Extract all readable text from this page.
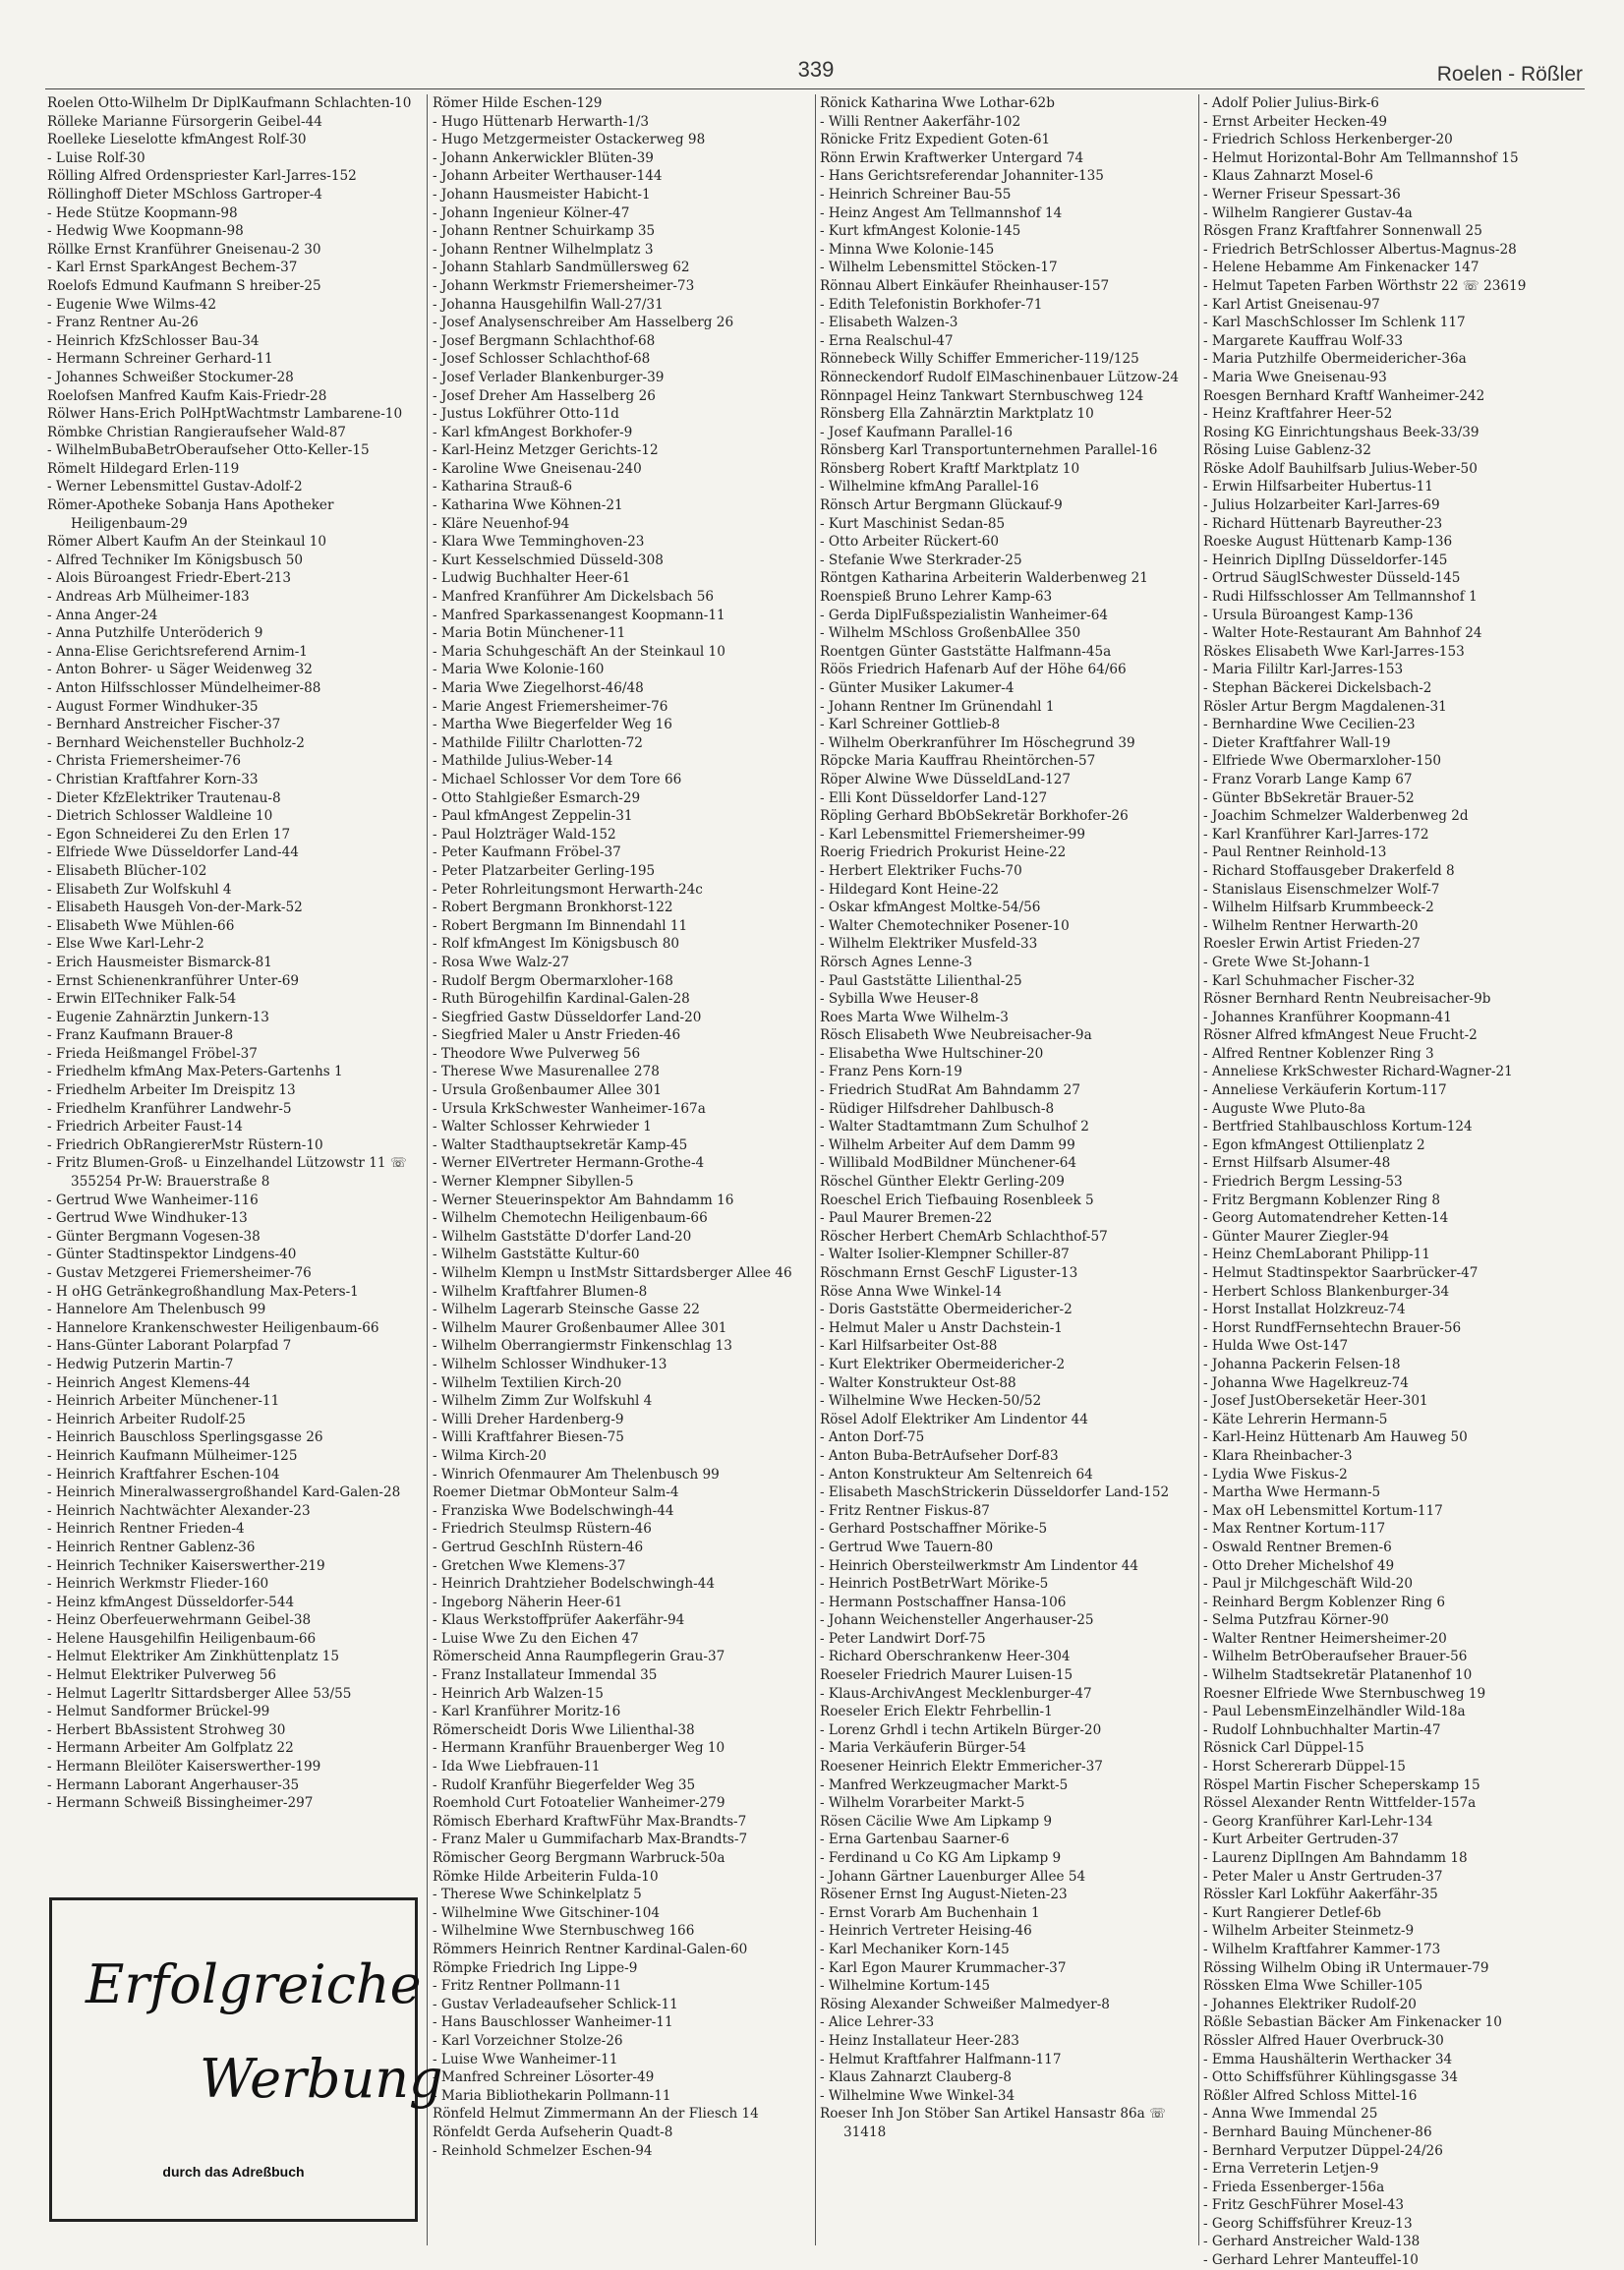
339	Roelen - Rößler
Roelen Otto-Wilhelm Dr DiplKaufmann Schlachten-10
Rölleke Marianne Fürsorgerin Geibel-44
Roelleke Lieselotte kfmAngest Rolf-30
- Luise Rolf-30
Rölling Alfred Ordenspriester Karl-Jarres-152
Röllinghoff Dieter MSchloss Gartroper-4
- Hede Stütze Koopmann-98
- Hedwig Wwe Koopmann-98
Röllke Ernst Kranführer Gneisenau-2 30
- Karl Ernst SparkAngest Bechem-37
Roelofs Edmund Kaufmann S hreiber-25
- Eugenie Wwe Wilms-42
- Franz Rentner Au-26
- Heinrich KfzSchlosser Bau-34
- Hermann Schreiner Gerhard-11
- Johannes Schweißer Stockumer-28
Roelofsen Manfred Kaufm Kais-Friedr-28
Rölwer Hans-Erich PolHptWachtmstr Lambarene-10
Römbke Christian Rangieraufseher Wald-87
- WilhelmBubaBetrOberaufseher Otto-Keller-15
Römelt Hildegard Erlen-119
- Werner Lebensmittel Gustav-Adolf-2
Römer-Apotheke Sobanja Hans Apotheker Heiligenbaum-29
Römer Albert Kaufm An der Steinkaul 10
- Alfred Techniker Im Königsbusch 50
- Alois Büroangest Friedr-Ebert-213
- Andreas Arb Mülheimer-183
- Anna Anger-24
- Anna Putzhilfe Unteröderich 9
- Anna-Elise Gerichtsreferend Arnim-1
- Anton Bohrer- u Säger Weidenweg 32
- Anton Hilfsschlosser Mündelheimer-88
- August Former Windhuker-35
- Bernhard Anstreicher Fischer-37
- Bernhard Weichensteller Buchholz-2
- Christa Friemersheimer-76
- Christian Kraftfahrer Korn-33
- Dieter KfzElektriker Trautenau-8
- Dietrich Schlosser Waldleine 10
- Egon Schneiderei Zu den Erlen 17
- Elfriede Wwe Düsseldorfer Land-44
- Elisabeth Blücher-102
- Elisabeth Zur Wolfskuhl 4
- Elisabeth Hausgeh Von-der-Mark-52
- Elisabeth Wwe Mühlen-66
- Else Wwe Karl-Lehr-2
- Erich Hausmeister Bismarck-81
- Ernst Schienenkranführer Unter-69
- Erwin ElTechniker Falk-54
- Eugenie Zahnärztin Junkern-13
- Franz Kaufmann Brauer-8
- Frieda Heißmangel Fröbel-37
- Friedhelm kfmAng Max-Peters-Gartenhs 1
- Friedhelm Arbeiter Im Dreispitz 13
- Friedhelm Kranführer Landwehr-5
- Friedrich Arbeiter Faust-14
- Friedrich ObRangiererMstr Rüstern-10
- Fritz Blumen-Groß- u Einzelhandel Lützowstr 11 ☏ 355254 Pr-W: Brauerstraße 8
- Gertrud Wwe Wanheimer-116
- Gertrud Wwe Windhuker-13
- Günter Bergmann Vogesen-38
- Günter Stadtinspektor Lindgens-40
- Gustav Metzgerei Friemersheimer-76
- H oHG Getränkegroßhandlung Max-Peters-1
- Hannelore Am Thelenbusch 99
- Hannelore Krankenschwester Heiligenbaum-66
- Hans-Günter Laborant Polarpfad 7
- Hedwig Putzerin Martin-7
- Heinrich Angest Klemens-44
- Heinrich Arbeiter Münchener-11
- Heinrich Arbeiter Rudolf-25
- Heinrich Bauschloss Sperlingsgasse 26
- Heinrich Kaufmann Mülheimer-125
- Heinrich Kraftfahrer Eschen-104
- Heinrich Mineralwassergroßhandel Kard-Galen-28
- Heinrich Nachtwächter Alexander-23
- Heinrich Rentner Frieden-4
- Heinrich Rentner Gablenz-36
- Heinrich Techniker Kaiserswerther-219
- Heinrich Werkmstr Flieder-160
- Heinz kfmAngest Düsseldorfer-544
- Heinz Oberfeuerwehrmann Geibel-38
- Helene Hausgehilfin Heiligenbaum-66
- Helmut Elektriker Am Zinkhüttenplatz 15
- Helmut Elektriker Pulverweg 56
- Helmut Lagerltr Sittardsberger Allee 53/55
- Helmut Sandformer Brückel-99
- Herbert BbAssistent Strohweg 30
- Hermann Arbeiter Am Golfplatz 22
- Hermann Bleilöter Kaiserswerther-199
- Hermann Laborant Angerhauser-35
- Hermann Schweiß Bissingheimer-297
Römer Hilde Eschen-129
- Hugo Hüttenarb Herwarth-1/3
- Hugo Metzgermeister Ostackerweg 98
- Johann Ankerwickler Blüten-39
- Johann Arbeiter Werthauser-144
- Johann Hausmeister Habicht-1
- Johann Ingenieur Kölner-47
- Johann Rentner Schuirkamp 35
- Johann Rentner Wilhelmplatz 3
- Johann Stahlarb Sandmüllersweg 62
- Johann Werkmstr Friemersheimer-73
- Johanna Hausgehilfin Wall-27/31
- Josef Analysenschreiber Am Hasselberg 26
- Josef Bergmann Schlachthof-68
- Josef Schlosser Schlachthof-68
- Josef Verlader Blankenburger-39
- Josef Dreher Am Hasselberg 26
- Justus Lokführer Otto-11d
- Karl kfmAngest Borkhofer-9
- Karl-Heinz Metzger Gerichts-12
- Karoline Wwe Gneisenau-240
- Katharina Strauß-6
- Katharina Wwe Köhnen-21
- Kläre Neuenhof-94
- Klara Wwe Temminghoven-23
- Kurt Kesselschmied Düsseld-308
- Ludwig Buchhalter Heer-61
- Manfred Kranführer Am Dickelsbach 56
- Manfred Sparkassenangest Koopmann-11
- Maria Botin Münchener-11
- Maria Schuhgeschäft An der Steinkaul 10
- Maria Wwe Kolonie-160
- Maria Wwe Ziegelhorst-46/48
- Marie Angest Friemersheimer-76
- Martha Wwe Biegerfelder Weg 16
- Mathilde Fililtr Charlotten-72
- Mathilde Julius-Weber-14
- Michael Schlosser Vor dem Tore 66
- Otto Stahlgießer Esmarch-29
- Paul kfmAngest Zeppelin-31
- Paul Holzträger Wald-152
- Peter Kaufmann Fröbel-37
- Peter Platzarbeiter Gerling-195
- Peter Rohrleitungsmont Herwarth-24c
- Robert Bergmann Bronkhorst-122
- Robert Bergmann Im Binnendahl 11
- Rolf kfmAngest Im Königsbusch 80
- Rosa Wwe Walz-27
- Rudolf Bergm Obermarxloher-168
- Ruth Bürogehilfin Kardinal-Galen-28
- Siegfried Gastw Düsseldorfer Land-20
- Siegfried Maler u Anstr Frieden-46
- Theodore Wwe Pulverweg 56
- Therese Wwe Masurenallee 278
- Ursula Großenbaumer Allee 301
- Ursula KrkSchwester Wanheimer-167a
- Walter Schlosser Kehrwieder 1
- Walter Stadthauptsekretär Kamp-45
- Werner ElVertreter Hermann-Grothe-4
- Werner Klempner Sibyllen-5
- Werner Steuerinspektor Am Bahndamm 16
- Wilhelm Chemotechn Heiligenbaum-66
- Wilhelm Gaststätte D'dorfer Land-20
- Wilhelm Gaststätte Kultur-60
- Wilhelm Klempn u InstMstr Sittardsberger Allee 46
- Wilhelm Kraftfahrer Blumen-8
- Wilhelm Lagerarb Steinsche Gasse 22
- Wilhelm Maurer Großenbaumer Allee 301
- Wilhelm Oberrangiermstr Finkenschlag 13
- Wilhelm Schlosser Windhuker-13
- Wilhelm Textilien Kirch-20
- Wilhelm Zimm Zur Wolfskuhl 4
- Willi Dreher Hardenberg-9
- Willi Kraftfahrer Biesen-75
- Wilma Kirch-20
- Winrich Ofenmaurer Am Thelenbusch 99
Roemer Dietmar ObMonteur Salm-4
- Franziska Wwe Bodelschwingh-44
- Friedrich Steulmsp Rüstern-46
- Gertrud GeschInh Rüstern-46
- Gretchen Wwe Klemens-37
- Heinrich Drahtzieher Bodelschwingh-44
- Ingeborg Näherin Heer-61
- Klaus Werkstoffprüfer Aakerfähr-94
- Luise Wwe Zu den Eichen 47
Römerscheid Anna Raumpflegerin Grau-37
- Franz Installateur Immendal 35
- Heinrich Arb Walzen-15
- Karl Kranführer Moritz-16
Römerscheidt Doris Wwe Lilienthal-38
- Hermann Kranführ Brauenberger Weg 10
- Ida Wwe Liebfrauen-11
- Rudolf Kranführ Biegerfelder Weg 35
Roemhold Curt Fotoatelier Wanheimer-279
Römisch Eberhard KraftwFühr Max-Brandts-7
- Franz Maler u Gummifacharb Max-Brandts-7
Römischer Georg Bergmann Warbruck-50a
Römke Hilde Arbeiterin Fulda-10
- Therese Wwe Schinkelplatz 5
- Wilhelmine Wwe Gitschiner-104
- Wilhelmine Wwe Sternbuschweg 166
Römmers Heinrich Rentner Kardinal-Galen-60
Römpke Friedrich Ing Lippe-9
- Fritz Rentner Pollmann-11
- Gustav Verladeaufseher Schlick-11
- Hans Bauschlosser Wanheimer-11
- Karl Vorzeichner Stolze-26
- Luise Wwe Wanheimer-11
- Manfred Schreiner Lösorter-49
- Maria Bibliothekarin Pollmann-11
Rönfeld Helmut Zimmermann An der Fliesch 14
Rönfeldt Gerda Aufseherin Quadt-8
- Reinhold Schmelzer Eschen-94
Rönick Katharina Wwe Lothar-62b
- Willi Rentner Aakerfähr-102
Rönicke Fritz Expedient Goten-61
Rönn Erwin Kraftwerker Untergard 74
- Hans Gerichtsreferendar Johanniter-135
- Heinrich Schreiner Bau-55
- Heinz Angest Am Tellmannshof 14
- Kurt kfmAngest Kolonie-145
- Minna Wwe Kolonie-145
- Wilhelm Lebensmittel Stöcken-17
Rönnau Albert Einkäufer Rheinhauser-157
- Edith Telefonistin Borkhofer-71
- Elisabeth Walzen-3
- Erna Realschul-47
Rönnebeck Willy Schiffer Emmericher-119/125
Rönneckendorf Rudolf ElMaschinenbauer Lützow-24
Rönnpagel Heinz Tankwart Sternbuschweg 124
Rönsberg Ella Zahnärztin Marktplatz 10
- Josef Kaufmann Parallel-16
Rönsberg Karl Transportunternehmen Parallel-16
Rönsberg Robert Kraftf Marktplatz 10
- Wilhelmine kfmAng Parallel-16
Rönsch Artur Bergmann Glückauf-9
- Kurt Maschinist Sedan-85
- Otto Arbeiter Rückert-60
- Stefanie Wwe Sterkrader-25
Röntgen Katharina Arbeiterin Walderbenweg 21
Roenspieß Bruno Lehrer Kamp-63
- Gerda DiplFußspezialistin Wanheimer-64
- Wilhelm MSchloss GroßenbAllee 350
Roentgen Günter Gaststätte Halfmann-45a
Röös Friedrich Hafenarb Auf der Höhe 64/66
- Günter Musiker Lakumer-4
- Johann Rentner Im Grünendahl 1
- Karl Schreiner Gottlieb-8
- Wilhelm Oberkranführer Im Höschegrund 39
Röpcke Maria Kauffrau Rheintörchen-57
Röper Alwine Wwe DüsseldLand-127
- Elli Kont Düsseldorfer Land-127
Röpling Gerhard BbObSekretär Borkhofer-26
- Karl Lebensmittel Friemersheimer-99
Roerig Friedrich Prokurist Heine-22
- Herbert Elektriker Fuchs-70
- Hildegard Kont Heine-22
- Oskar kfmAngest Moltke-54/56
- Walter Chemotechniker Posener-10
- Wilhelm Elektriker Musfeld-33
Rörsch Agnes Lenne-3
- Paul Gaststätte Lilienthal-25
- Sybilla Wwe Heuser-8
Roes Marta Wwe Wilhelm-3
Rösch Elisabeth Wwe Neubreisacher-9a
- Elisabetha Wwe Hultschiner-20
- Franz Pens Korn-19
- Friedrich StudRat Am Bahndamm 27
- Rüdiger Hilfsdreher Dahlbusch-8
- Walter Stadtamtmann Zum Schulhof 2
- Wilhelm Arbeiter Auf dem Damm 99
- Willibald ModBildner Münchener-64
Röschel Günther Elektr Gerling-209
Roeschel Erich Tiefbauing Rosenbleek 5
- Paul Maurer Bremen-22
Röscher Herbert ChemArb Schlachthof-57
- Walter Isolier-Klempner Schiller-87
Röschmann Ernst GeschF Liguster-13
Röse Anna Wwe Winkel-14
- Doris Gaststätte Obermeidericher-2
- Helmut Maler u Anstr Dachstein-1
- Karl Hilfsarbeiter Ost-88
- Kurt Elektriker Obermeidericher-2
- Walter Konstrukteur Ost-88
- Wilhelmine Wwe Hecken-50/52
Rösel Adolf Elektriker Am Lindentor 44
- Anton Dorf-75
- Anton Buba-BetrAufseher Dorf-83
- Anton Konstrukteur Am Seltenreich 64
- Elisabeth MaschStrickerin Düsseldorfer Land-152
- Fritz Rentner Fiskus-87
- Gerhard Postschaffner Mörike-5
- Gertrud Wwe Tauern-80
- Heinrich Obersteilwerkmstr Am Lindentor 44
- Heinrich PostBetrWart Mörike-5
- Hermann Postschaffner Hansa-106
- Johann Weichensteller Angerhauser-25
- Peter Landwirt Dorf-75
- Richard Oberschrankenw Heer-304
Roeseler Friedrich Maurer Luisen-15
- Klaus-ArchivAngest Mecklenburger-47
Roeseler Erich Elektr Fehrbellin-1
- Lorenz Grhdl i techn Artikeln Bürger-20
- Maria Verkäuferin Bürger-54
Roesener Heinrich Elektr Emmericher-37
- Manfred Werkzeugmacher Markt-5
- Wilhelm Vorarbeiter Markt-5
Rösen Cäcilie Wwe Am Lipkamp 9
- Erna Gartenbau Saarner-6
- Ferdinand u Co KG Am Lipkamp 9
- Johann Gärtner Lauenburger Allee 54
Rösener Ernst Ing August-Nieten-23
- Ernst Vorarb Am Buchenhain 1
- Heinrich Vertreter Heising-46
- Karl Mechaniker Korn-145
- Karl Egon Maurer Krummacher-37
- Wilhelmine Kortum-145
Rösing Alexander Schweißer Malmedyer-8
- Alice Lehrer-33
- Heinz Installateur Heer-283
- Helmut Kraftfahrer Halfmann-117
- Klaus Zahnarzt Clauberg-8
- Wilhelmine Wwe Winkel-34
Roeser Inh Jon Stöber San Artikel Hansastr 86a ☏ 31418
- Adolf Polier Julius-Birk-6
- Ernst Arbeiter Hecken-49
- Friedrich Schloss Herkenberger-20
- Helmut Horizontal-Bohr Am Tellmannshof 15
- Klaus Zahnarzt Mosel-6
- Werner Friseur Spessart-36
- Wilhelm Rangierer Gustav-4a
Rösgen Franz Kraftfahrer Sonnenwall 25
- Friedrich BetrSchlosser Albertus-Magnus-28
- Helene Hebamme Am Finkenacker 147
- Helmut Tapeten Farben Wörthstr 22 ☏ 23619
- Karl Artist Gneisenau-97
- Karl MaschSchlosser Im Schlenk 117
- Margarete Kauffrau Wolf-33
- Maria Putzhilfe Obermeidericher-36a
- Maria Wwe Gneisenau-93
Roesgen Bernhard Kraftf Wanheimer-242
- Heinz Kraftfahrer Heer-52
Rosing KG Einrichtungshaus Beek-33/39
Rösing Luise Gablenz-32
Röske Adolf Bauhilfsarb Julius-Weber-50
- Erwin Hilfsarbeiter Hubertus-11
- Julius Holzarbeiter Karl-Jarres-69
- Richard Hüttenarb Bayreuther-23
Roeske August Hüttenarb Kamp-136
- Heinrich DiplIng Düsseldorfer-145
- Ortrud SäuglSchwester Düsseld-145
- Rudi Hilfsschlosser Am Tellmannshof 1
- Ursula Büroangest Kamp-136
- Walter Hote-Restaurant Am Bahnhof 24
Röskes Elisabeth Wwe Karl-Jarres-153
- Maria Fililtr Karl-Jarres-153
- Stephan Bäckerei Dickelsbach-2
Rösler Artur Bergm Magdalenen-31
- Bernhardine Wwe Cecilien-23
- Dieter Kraftfahrer Wall-19
- Elfriede Wwe Obermarxloher-150
- Franz Vorarb Lange Kamp 67
- Günter BbSekretär Brauer-52
- Joachim Schmelzer Walderbenweg 2d
- Karl Kranführer Karl-Jarres-172
- Paul Rentner Reinhold-13
- Richard Stoffausgeber Drakerfeld 8
- Stanislaus Eisenschmelzer Wolf-7
- Wilhelm Hilfsarb Krummbeeck-2
- Wilhelm Rentner Herwarth-20
Roesler Erwin Artist Frieden-27
- Grete Wwe St-Johann-1
- Karl Schuhmacher Fischer-32
Rösner Bernhard Rentn Neubreisacher-9b
- Johannes Kranführer Koopmann-41
Rösner Alfred kfmAngest Neue Frucht-2
- Alfred Rentner Koblenzer Ring 3
- Anneliese KrkSchwester Richard-Wagner-21
- Anneliese Verkäuferin Kortum-117
- Auguste Wwe Pluto-8a
- Bertfried Stahlbauschloss Kortum-124
- Egon kfmAngest Ottilienplatz 2
- Ernst Hilfsarb Alsumer-48
- Friedrich Bergm Lessing-53
- Fritz Bergmann Koblenzer Ring 8
- Georg Automatendreher Ketten-14
- Günter Maurer Ziegler-94
- Heinz ChemLaborant Philipp-11
- Helmut Stadtinspektor Saarbrücker-47
- Herbert Schloss Blankenburger-34
- Horst Installat Holzkreuz-74
- Horst RundfFernsehtechn Brauer-56
- Hulda Wwe Ost-147
- Johanna Packerin Felsen-18
- Johanna Wwe Hagelkreuz-74
- Josef JustOberseketär Heer-301
- Käte Lehrerin Hermann-5
- Karl-Heinz Hüttenarb Am Hauweg 50
- Klara Rheinbacher-3
- Lydia Wwe Fiskus-2
- Martha Wwe Hermann-5
- Max oH Lebensmittel Kortum-117
- Max Rentner Kortum-117
- Oswald Rentner Bremen-6
- Otto Dreher Michelshof 49
- Paul jr Milchgeschäft Wild-20
- Reinhard Bergm Koblenzer Ring 6
- Selma Putzfrau Körner-90
- Walter Rentner Heimersheimer-20
- Wilhelm BetrOberaufseher Brauer-56
- Wilhelm Stadtsekretär Platanenhof 10
Roesner Elfriede Wwe Sternbuschweg 19
- Paul LebensmEinzelhändler Wild-18a
- Rudolf Lohnbuchhalter Martin-47
Rösnick Carl Düppel-15
- Horst Schererarb Düppel-15
Röspel Martin Fischer Scheperskamp 15
Rössel Alexander Rentn Wittfelder-157a
- Georg Kranführer Karl-Lehr-134
- Kurt Arbeiter Gertruden-37
- Laurenz DiplIngen Am Bahndamm 18
- Peter Maler u Anstr Gertruden-37
Rössler Karl Lokführ Aakerfähr-35
- Kurt Rangierer Detlef-6b
- Wilhelm Arbeiter Steinmetz-9
- Wilhelm Kraftfahrer Kammer-173
Rössing Wilhelm Obing iR Untermauer-79
Rössken Elma Wwe Schiller-105
- Johannes Elektriker Rudolf-20
Rößle Sebastian Bäcker Am Finkenacker 10
Rössler Alfred Hauer Overbruck-30
- Emma Haushälterin Werthacker 34
- Otto Schiffsführer Kühlingsgasse 34
Rößler Alfred Schloss Mittel-16
- Anna Wwe Immendal 25
- Bernhard Bauing Münchener-86
- Bernhard Verputzer Düppel-24/26
- Erna Verreterin Letjen-9
- Frieda Essenberger-156a
- Fritz GeschFührer Mosel-43
- Georg Schiffsführer Kreuz-13
- Gerhard Anstreicher Wald-138
- Gerhard Lehrer Manteuffel-10
Erfolgreiche
Werbung
durch das Adreßbuch
